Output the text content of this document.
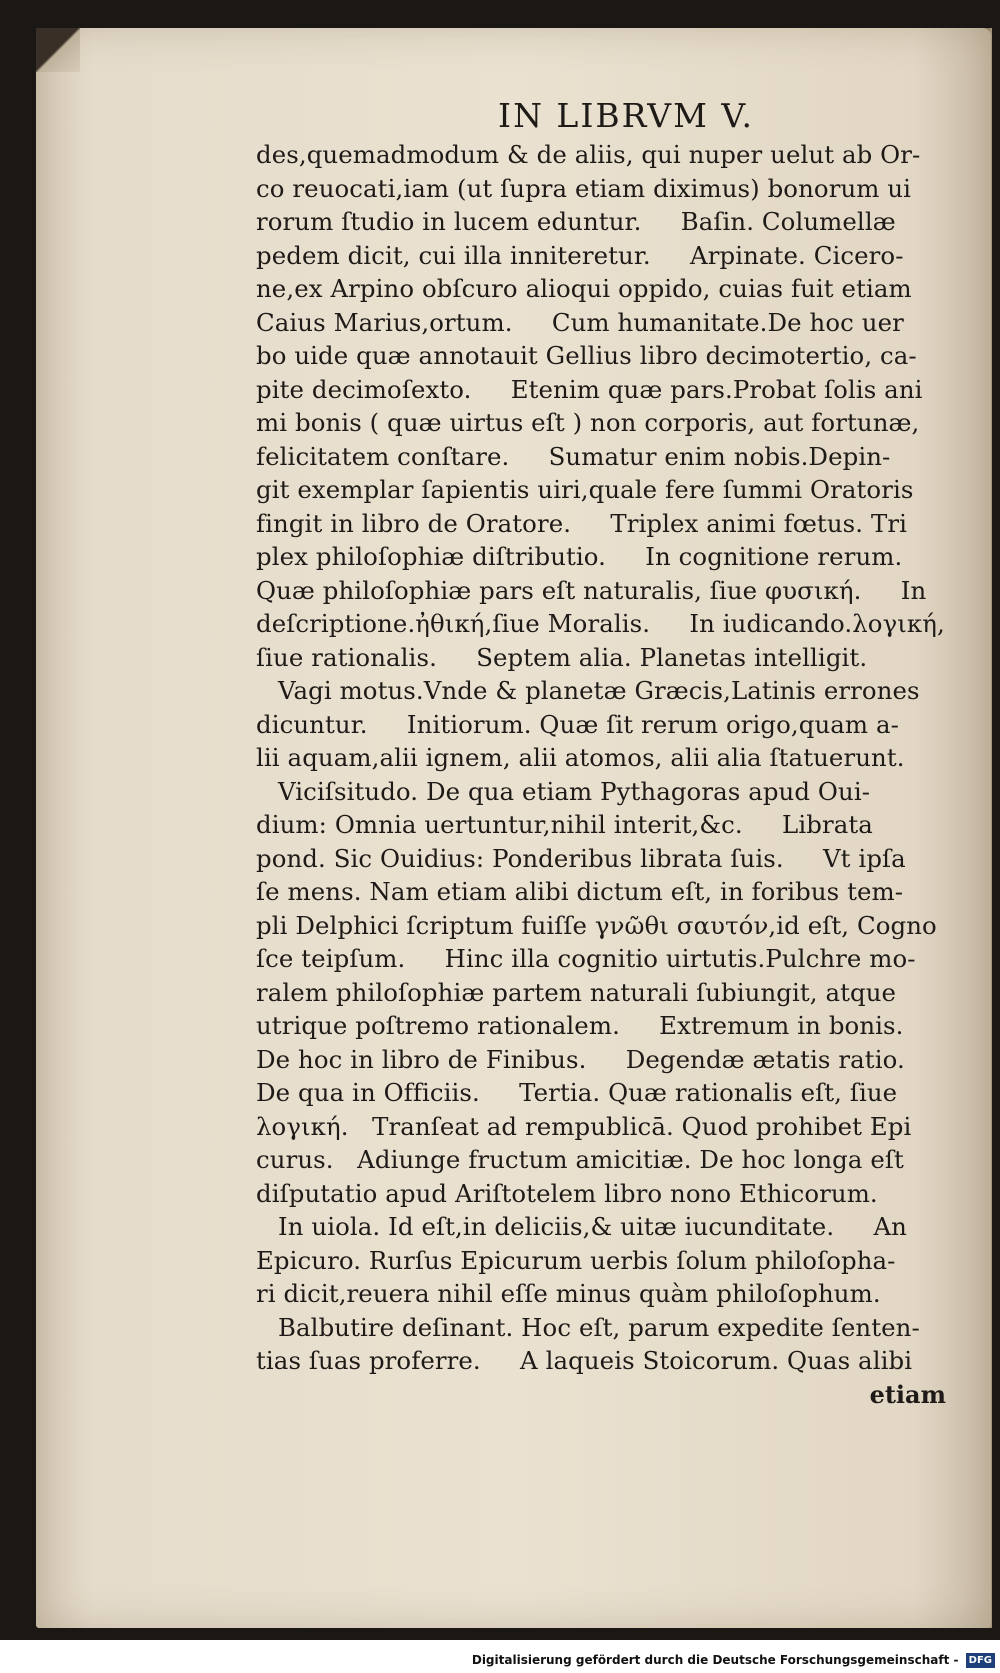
IN LIBRVM V.
des,quemadmodum & de aliis, qui nuper uelut ab Or-
co reuocati,iam (ut ſupra etiam diximus) bonorum ui
rorum ſtudio in lucem eduntur.     Baſin. Columellæ
pedem dicit, cui illa inniteretur.     Arpinate. Cicero-
ne,ex Arpino obſcuro alioqui oppido, cuias fuit etiam
Caius Marius,ortum.     Cum humanitate.De hoc uer
bo uide quæ annotauit Gellius libro decimotertio, ca-
pite decimoſexto.     Etenim quæ pars.Probat ſolis ani
mi bonis ( quæ uirtus eſt ) non corporis, aut fortunæ,
felicitatem conſtare.     Sumatur enim nobis.Depin-
git exemplar ſapientis uiri,quale fere ſummi Oratoris
fingit in libro de Oratore.     Triplex animi fœtus. Tri
plex philoſophiæ diſtributio.     In cognitione rerum.
Quæ philoſophiæ pars eſt naturalis, ſiue φυσική.     In
deſcriptione.ἠθική,ſiue Moralis.     In iudicando.λογική,
ſiue rationalis.     Septem alia. Planetas intelligit.
Vagi motus.Vnde & planetæ Græcis,Latinis errones
dicuntur.     Initiorum. Quæ ſit rerum origo,quam a-
lii aquam,alii ignem, alii atomos, alii alia ſtatuerunt.
Viciſsitudo. De qua etiam Pythagoras apud Oui-
dium: Omnia uertuntur,nihil interit,&c.     Librata
pond. Sic Ouidius: Ponderibus librata ſuis.     Vt ipſa
ſe mens. Nam etiam alibi dictum eſt, in foribus tem-
pli Delphici ſcriptum fuiſſe γνῶθι σαυτόν,id eſt, Cogno
ſce teipſum.     Hinc illa cognitio uirtutis.Pulchre mo-
ralem philoſophiæ partem naturali ſubiungit, atque
utrique poſtremo rationalem.     Extremum in bonis.
De hoc in libro de Finibus.     Degendæ ætatis ratio.
De qua in Officiis.     Tertia. Quæ rationalis eſt, ſiue
λογική.   Tranſeat ad rempublicā. Quod prohibet Epi
curus.   Adiunge fructum amicitiæ. De hoc longa eſt
diſputatio apud Ariſtotelem libro nono Ethicorum.
In uiola. Id eſt,in deliciis,& uitæ iucunditate.     An
Epicuro. Rurſus Epicurum uerbis ſolum philoſopha-
ri dicit,reuera nihil eſſe minus quàm philoſophum.
Balbutire deſinant. Hoc eſt, parum expedite ſenten-
tias ſuas proferre.     A laqueis Stoicorum. Quas alibi
etiam
Digitalisierung gefördert durch die Deutsche Forschungsgemeinschaft - DFG
